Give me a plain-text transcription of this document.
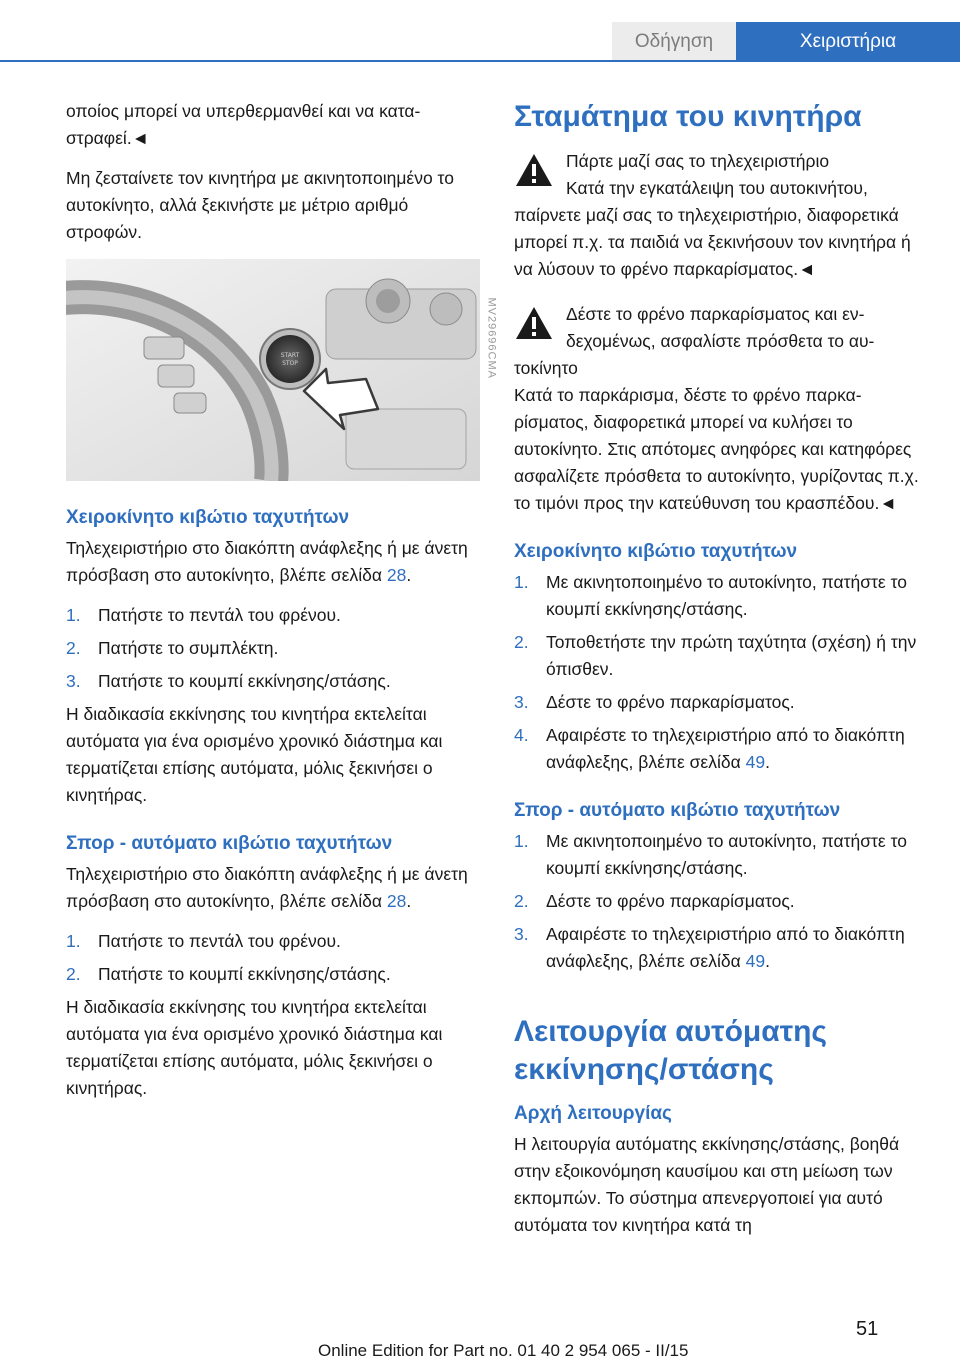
Οδήγηση	Χειριστήρια

οποίος μπορεί να υπερθερμανθεί και να καταστραφεί.◄

Μη ζεσταίνετε τον κινητήρα με ακινητοποιημένο το αυτοκίνητο, αλλά ξεκινήστε με μέτριο αριθμό στροφών.

START
STOP	MV29696CMA
Χειροκίνητο κιβώτιο ταχυτήτων

Τηλεχειριστήριο στο διακόπτη ανάφλεξης ή με άνετη πρόσβαση στο αυτοκίνητο, βλέπε σελίδα 28.

1. Πατήστε το πεντάλ του φρένου.
2. Πατήστε το συμπλέκτη.
3. Πατήστε το κουμπί εκκίνησης/στάσης.

Η διαδικασία εκκίνησης του κινητήρα εκτελείται αυτόματα για ένα ορισμένο χρονικό διάστημα και τερματίζεται επίσης αυτόματα, μόλις ξεκινήσει ο κινητήρας.

Σπορ - αυτόματο κιβώτιο ταχυτήτων

Τηλεχειριστήριο στο διακόπτη ανάφλεξης ή με άνετη πρόσβαση στο αυτοκίνητο, βλέπε σελίδα 28.

1. Πατήστε το πεντάλ του φρένου.
2. Πατήστε το κουμπί εκκίνησης/στάσης.

Η διαδικασία εκκίνησης του κινητήρα εκτελείται αυτόματα για ένα ορισμένο χρονικό διάστημα και τερματίζεται επίσης αυτόματα, μόλις ξεκινήσει ο κινητήρας.

Σταμάτημα του κινητήρα

Πάρτε μαζί σας το τηλεχειριστήριο

Κατά την εγκατάλειψη του αυτοκινήτου, παίρνετε μαζί σας το τηλεχειριστήριο, διαφορετικά μπορεί π.χ. τα παιδιά να ξεκινήσουν τον κινητήρα ή να λύσουν το φρένο παρκαρίσματος.◄

Δέστε το φρένο παρκαρίσματος και ενδεχομένως, ασφαλίστε πρόσθετα το αυτοκίνητο

Κατά το παρκάρισμα, δέστε το φρένο παρκαρίσματος, διαφορετικά μπορεί να κυλήσει το αυτοκίνητο. Στις απότομες ανηφόρες και κατηφόρες ασφαλίζετε πρόσθετα το αυτοκίνητο, γυρίζοντας π.χ. το τιμόνι προς την κατεύθυνση του κρασπέδου.◄

Χειροκίνητο κιβώτιο ταχυτήτων
1. Με ακινητοποιημένο το αυτοκίνητο, πατήστε το κουμπί εκκίνησης/στάσης.
2. Τοποθετήστε την πρώτη ταχύτητα (σχέση) ή την όπισθεν.
3. Δέστε το φρένο παρκαρίσματος.
4. Αφαιρέστε το τηλεχειριστήριο από το διακόπτη ανάφλεξης, βλέπε σελίδα 49.
Σπορ - αυτόματο κιβώτιο ταχυτήτων
1. Με ακινητοποιημένο το αυτοκίνητο, πατήστε το κουμπί εκκίνησης/στάσης.
2. Δέστε το φρένο παρκαρίσματος.
3. Αφαιρέστε το τηλεχειριστήριο από το διακόπτη ανάφλεξης, βλέπε σελίδα 49.
Λειτουργία αυτόματης εκκίνησης/στάσης
Αρχή λειτουργίας

Η λειτουργία αυτόματης εκκίνησης/στάσης, βοηθά στην εξοικονόμηση καυσίμου και στη μείωση των εκπομπών. Το σύστημα απενεργοποιεί για αυτό αυτόματα τον κινητήρα κατά τη

51
Online Edition for Part no. 01 40 2 954 065 - II/15
